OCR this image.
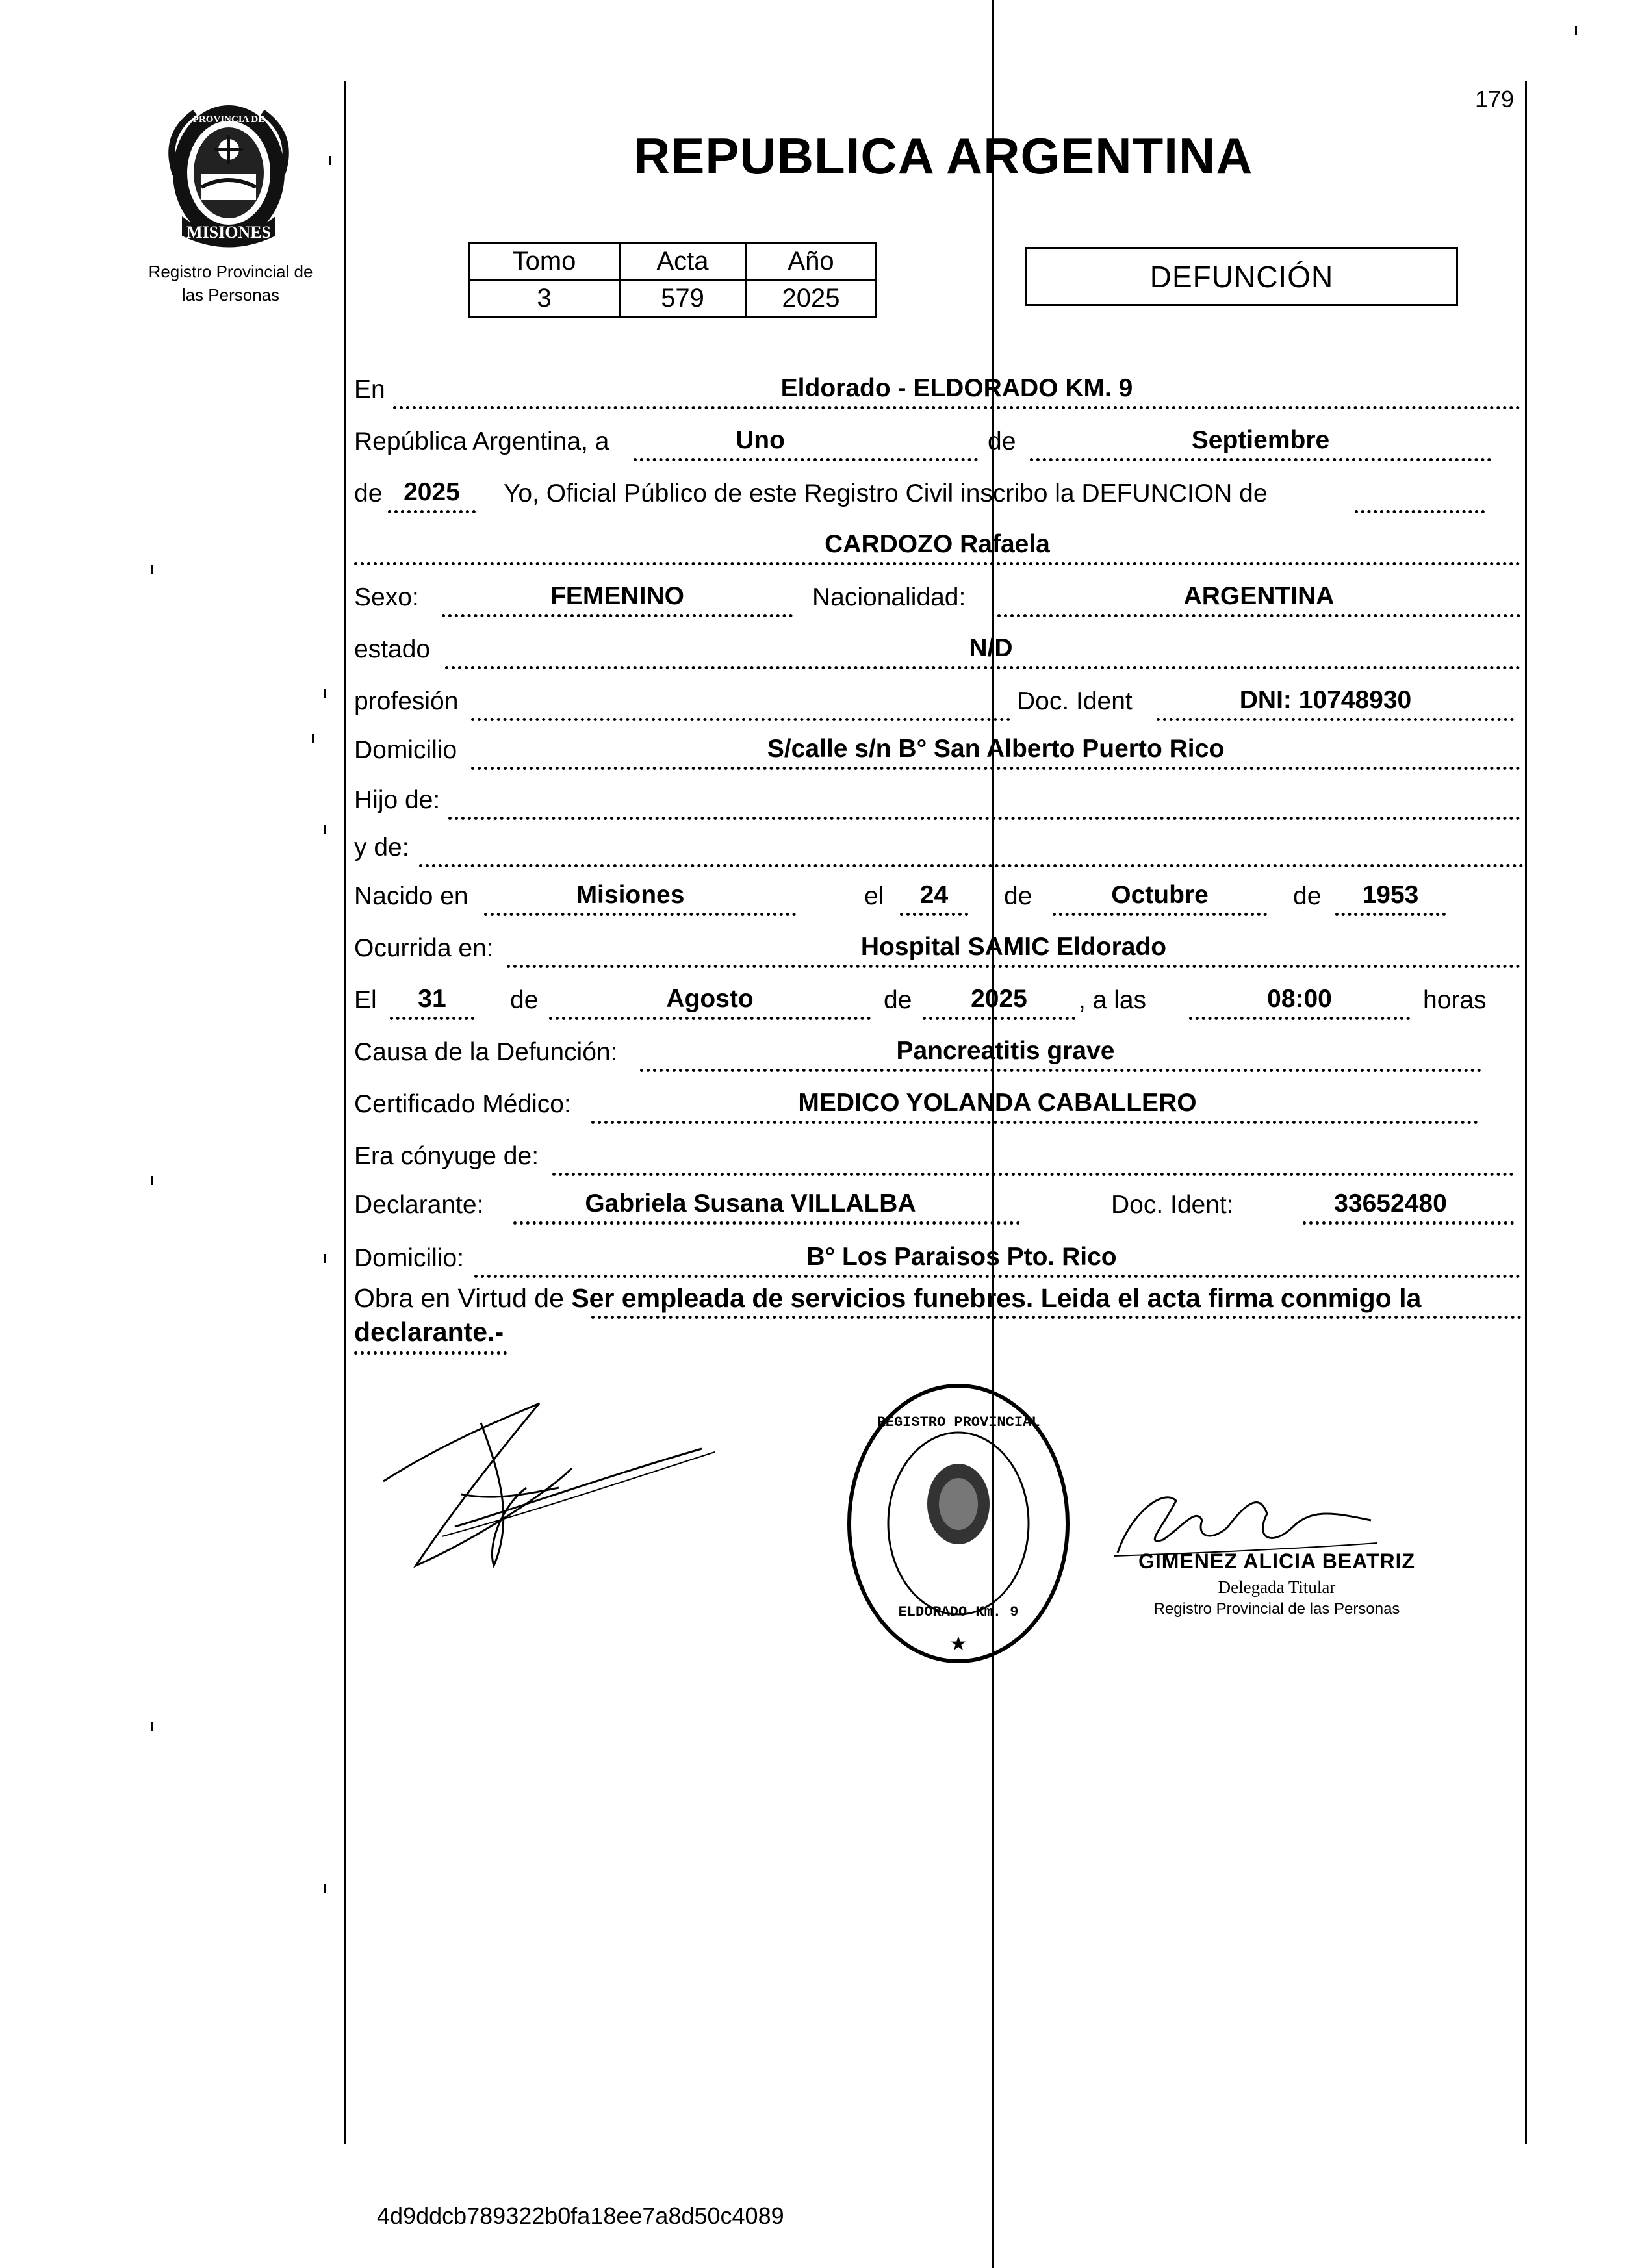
179
PROVINCIA DE
MISIONES
Registro Provincial de
las Personas
REPUBLICA ARGENTINA
Tomo	Acta	Año
3	579	2025
DEFUNCIÓN
En	Eldorado - ELDORADO KM. 9
República Argentina, a	Uno	de	Septiembre
de 2025	Yo, Oficial Público de este Registro Civil inscribo la DEFUNCION de
CARDOZO Rafaela
Sexo:	FEMENINO	Nacionalidad:	ARGENTINA
estado	N/D
profesión	Doc. Ident	DNI: 10748930
Domicilio	S/calle s/n B° San Alberto Puerto Rico
Hijo de:
y de:
Nacido en	Misiones	el	24	de	Octubre	de	1953
Ocurrida en:	Hospital SAMIC Eldorado
El	31	de	Agosto	de	2025	, a las	08:00	horas
Causa de la Defunción:	Pancreatitis grave
Certificado Médico:	MEDICO YOLANDA CABALLERO
Era cónyuge de:
Declarante:	Gabriela Susana VILLALBA	Doc. Ident:	33652480
Domicilio:	B° Los Paraisos Pto. Rico
Obra en Virtud de Ser empleada de servicios funebres. Leida el acta firma conmigo la
declarante.-
REGISTRO PROVINCIAL
ELDORADO Km. 9
★
GIMENEZ ALICIA BEATRIZ
Delegada Titular
Registro Provincial de las Personas
4d9ddcb789322b0fa18ee7a8d50c4089
